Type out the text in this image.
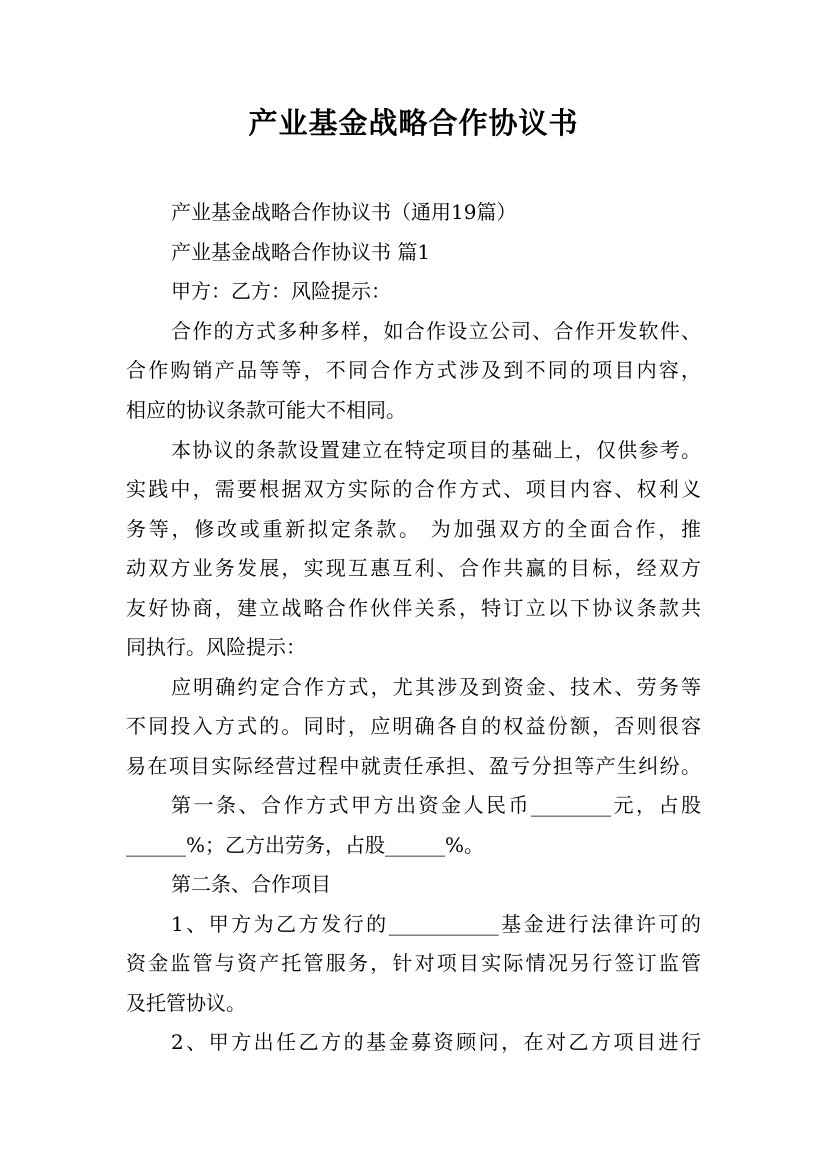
产业基金战略合作协议书
产业基金战略合作协议书（通用19篇）
产业基金战略合作协议书 篇1
甲方：乙方：风险提示：
合作的方式多种多样，如合作设立公司、合作开发软件、
合作购销产品等等，不同合作方式涉及到不同的项目内容，
相应的协议条款可能大不相同。
本协议的条款设置建立在特定项目的基础上，仅供参考。
实践中，需要根据双方实际的合作方式、项目内容、权利义
务等，修改或重新拟定条款。 为加强双方的全面合作，推
动双方业务发展，实现互惠互利、合作共赢的目标，经双方
友好协商，建立战略合作伙伴关系，特订立以下协议条款共
同执行。风险提示：
应明确约定合作方式，尤其涉及到资金、技术、劳务等
不同投入方式的。同时，应明确各自的权益份额，否则很容
易在项目实际经营过程中就责任承担、盈亏分担等产生纠纷。
第一条、合作方式甲方出资金人民币________元，占股
______%；乙方出劳务，占股______%。
第二条、合作项目
1、甲方为乙方发行的___________基金进行法律许可的
资金监管与资产托管服务，针对项目实际情况另行签订监管
及托管协议。
2、甲方出任乙方的基金募资顾问，在对乙方项目进行
